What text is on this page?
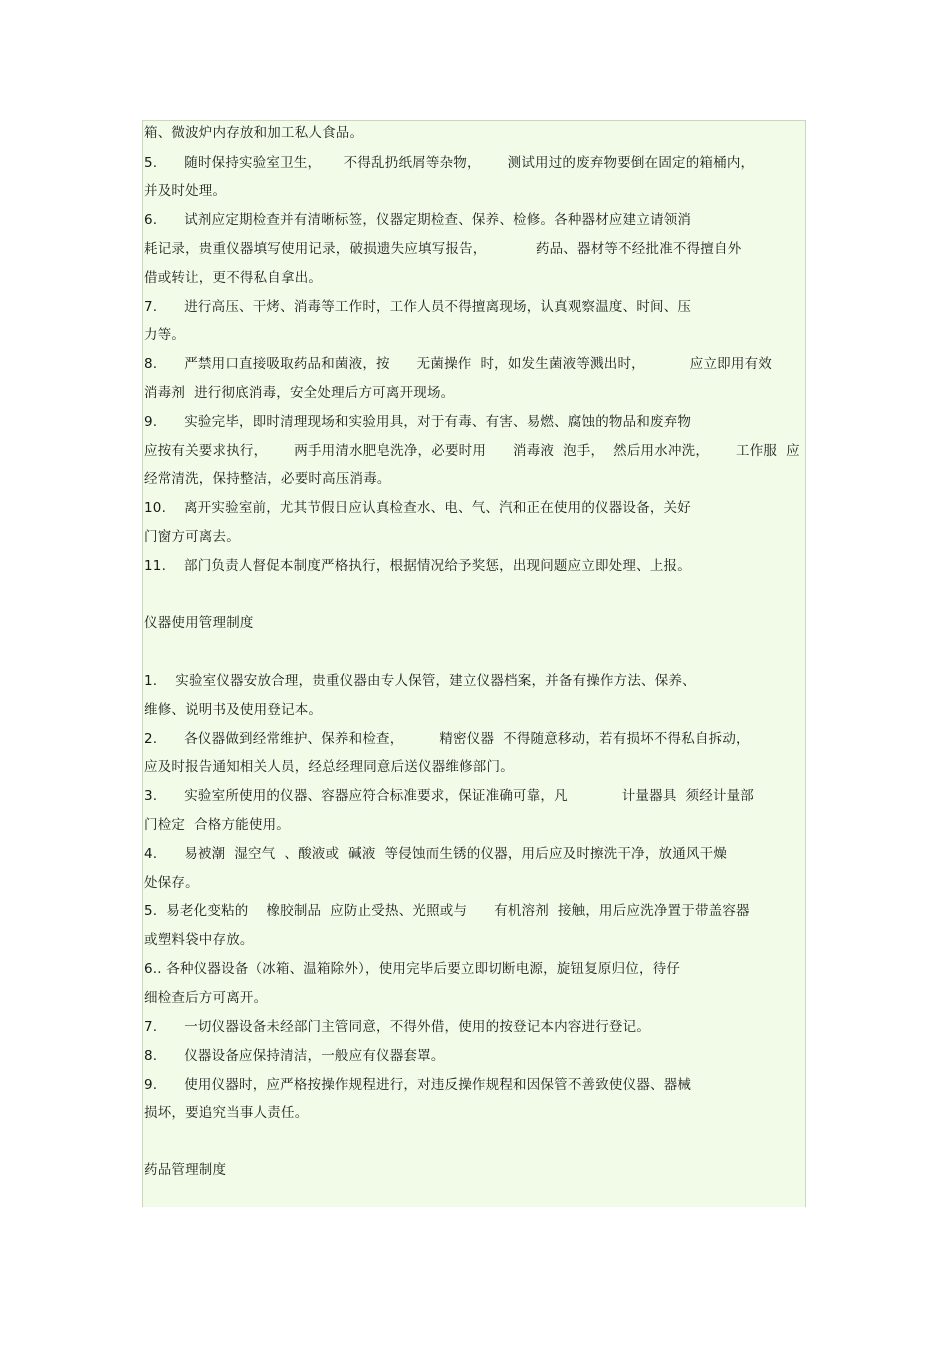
箱、微波炉内存放和加工私人食品。
5.      随时保持实验室卫生，     不得乱扔纸屑等杂物，      测试用过的废弃物要倒在固定的箱桶内，
并及时处理。
6.      试剂应定期检查并有清晰标签，仪器定期检查、保养、检修。各种器材应建立请领消
耗记录，贵重仪器填写使用记录，破损遗失应填写报告，           药品、器材等不经批准不得擅自外
借或转让，更不得私自拿出。
7.      进行高压、干烤、消毒等工作时，工作人员不得擅离现场，认真观察温度、时间、压
力等。
8.      严禁用口直接吸取药品和菌液，按      无菌操作  时，如发生菌液等溅出时，          应立即用有效
消毒剂  进行彻底消毒，安全处理后方可离开现场。
9.      实验完毕，即时清理现场和实验用具，对于有毒、有害、易燃、腐蚀的物品和废弃物
应按有关要求执行，      两手用清水肥皂洗净，必要时用      消毒液  泡手，  然后用水冲洗，      工作服  应
经常清洗，保持整洁，必要时高压消毒。
10.    离开实验室前，尤其节假日应认真检查水、电、气、汽和正在使用的仪器设备，关好
门窗方可离去。
11.    部门负责人督促本制度严格执行，根据情况给予奖惩，出现问题应立即处理、上报。
仪器使用管理制度
1.    实验室仪器安放合理，贵重仪器由专人保管，建立仪器档案，并备有操作方法、保养、
维修、说明书及使用登记本。
2.      各仪器做到经常维护、保养和检查，        精密仪器  不得随意移动，若有损坏不得私自拆动，
应及时报告通知相关人员，经总经理同意后送仪器维修部门。
3.      实验室所使用的仪器、容器应符合标准要求，保证准确可靠，凡            计量器具  须经计量部
门检定  合格方能使用。
4.      易被潮  湿空气  、酸液或  碱液  等侵蚀而生锈的仪器，用后应及时擦洗干净，放通风干燥
处保存。
5.  易老化变粘的    橡胶制品  应防止受热、光照或与      有机溶剂  接触，用后应洗净置于带盖容器
或塑料袋中存放。
6.. 各种仪器设备（冰箱、温箱除外），使用完毕后要立即切断电源，旋钮复原归位，待仔
细检查后方可离开。
7.      一切仪器设备未经部门主管同意，不得外借，使用的按登记本内容进行登记。
8.      仪器设备应保持清洁，一般应有仪器套罩。
9.      使用仪器时，应严格按操作规程进行，对违反操作规程和因保管不善致使仪器、器械
损坏，要追究当事人责任。
药品管理制度
